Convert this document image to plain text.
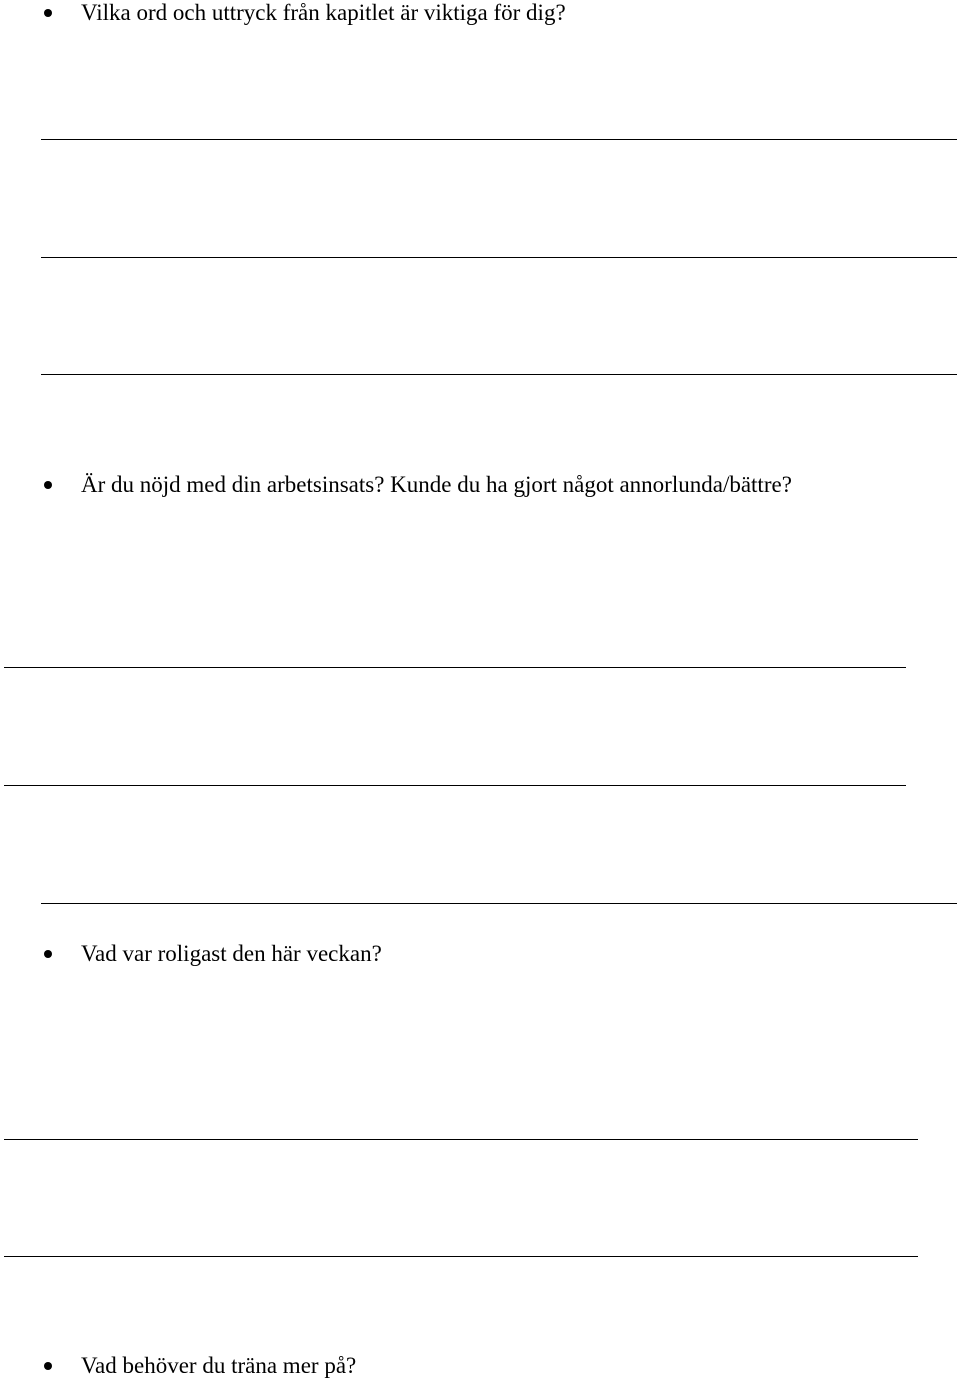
Vilka ord och uttryck från kapitlet är viktiga för dig?
Är du nöjd med din arbetsinsats? Kunde du ha gjort något annorlunda/bättre?
Vad var roligast den här veckan?
Vad behöver du träna mer på?
